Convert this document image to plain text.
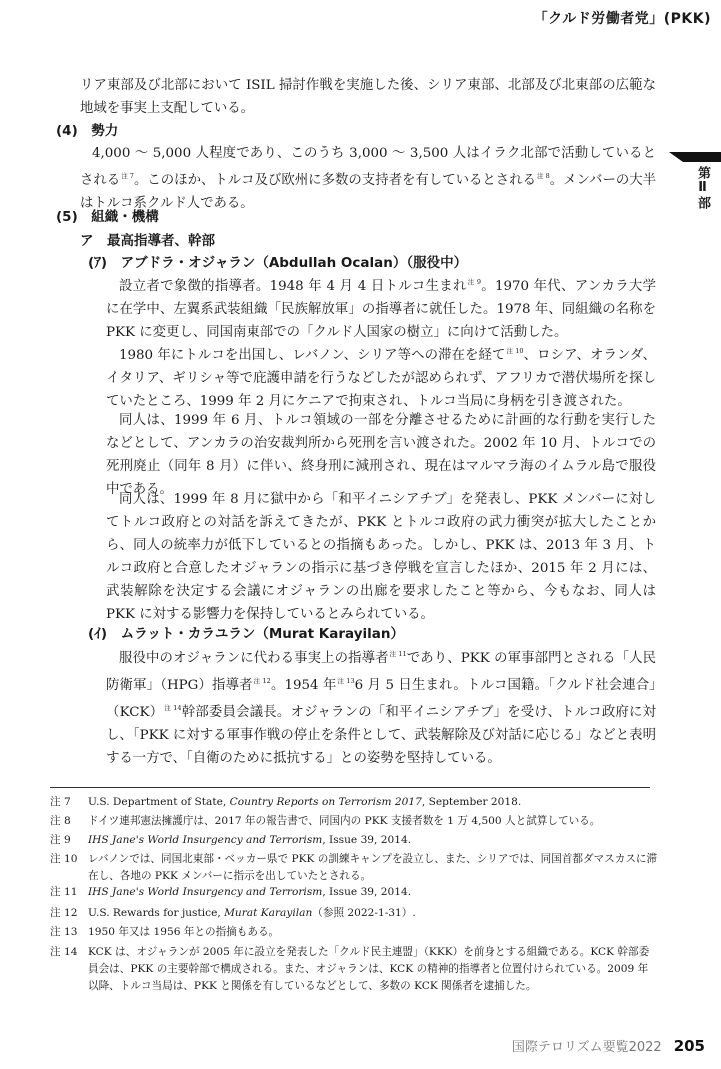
「クルド労働者党」(PKK)
第Ⅱ部

リア東部及び北部において ISIL 掃討作戦を実施した後、シリア東部、北部及び北東部の広範な地域を事実上支配している。

(4)　勢力

4,000 〜 5,000 人程度であり、このうち 3,000 〜 3,500 人はイラク北部で活動しているとされる$^{注 7}$。このほか、トルコ及び欧州に多数の支持者を有しているとされる$^{注 8}$。メンバーの大半はトルコ系クルド人である。

(5)　組織・機構
ア　最高指導者、幹部
(ｱ)　アブドラ・オジャラン（Abdullah Ocalan）（服役中）

設立者で象徴的指導者。1948 年 4 月 4 日トルコ生まれ$^{注 9}$。1970 年代、アンカラ大学に在学中、左翼系武装組織「民族解放軍」の指導者に就任した。1978 年、同組織の名称を PKK に変更し、同国南東部での「クルド人国家の樹立」に向けて活動した。

1980 年にトルコを出国し、レバノン、シリア等への滞在を経て$^{注 10}$、ロシア、オランダ、イタリア、ギリシャ等で庇護申請を行うなどしたが認められず、アフリカで潜伏場所を探していたところ、1999 年 2 月にケニアで拘束され、トルコ当局に身柄を引き渡された。

同人は、1999 年 6 月、トルコ領域の一部を分離させるために計画的な行動を実行したなどとして、アンカラの治安裁判所から死刑を言い渡された。2002 年 10 月、トルコでの死刑廃止（同年 8 月）に伴い、終身刑に減刑され、現在はマルマラ海のイムラル島で服役中である。

同人は、1999 年 8 月に獄中から「和平イニシアチブ」を発表し、PKK メンバーに対してトルコ政府との対話を訴えてきたが、PKK とトルコ政府の武力衝突が拡大したことから、同人の統率力が低下しているとの指摘もあった。しかし、PKK は、2013 年 3 月、トルコ政府と合意したオジャランの指示に基づき停戦を宣言したほか、2015 年 2 月には、武装解除を決定する会議にオジャランの出廊を要求したこと等から、今もなお、同人は PKK に対する影響力を保持しているとみられている。

(ｲ)　ムラット・カラユラン（Murat Karayilan）

服役中のオジャランに代わる事実上の指導者$^{注 11}$であり、PKK の軍事部門とされる「人民防衛軍」（HPG）指導者$^{注 12}$。1954 年$^{注 13}$6 月 5 日生まれ。トルコ国籍。「クルド社会連合」（KCK）$^{注 14}$幹部委員会議長。オジャランの「和平イニシアチブ」を受け、トルコ政府に対し、「PKK に対する軍事作戦の停止を条件として、武装解除及び対話に応じる」などと表明する一方で、「自衛のために抵抗する」との姿勢を堅持している。

注 7	U.S. Department of State, Country Reports on Terrorism 2017, September 2018.
注 8	ドイツ連邦憲法擁護庁は、2017 年の報告書で、同国内の PKK 支援者数を 1 万 4,500 人と試算している。
注 9	IHS Jane's World Insurgency and Terrorism, Issue 39, 2014.
注 10 レバノンでは、同国北東部・ベッカー県で PKK の訓練キャンプを設立し、また、シリアでは、同国首都ダマスカスに滞在し、各地の PKK メンバーに指示を出していたとされる。
注 11 IHS Jane's World Insurgency and Terrorism, Issue 39, 2014.
注 12 U.S. Rewards for justice, Murat Karayilan（参照 2022-1-31）.
注 13 1950 年又は 1956 年との指摘もある。
注 14 KCK は、オジャランが 2005 年に設立を発表した「クルド民主連盟」（KKK）を前身とする組織である。KCK 幹部委員会は、PKK の主要幹部で構成される。また、オジャランは、KCK の精神的指導者と位置付けられている。2009 年以降、トルコ当局は、PKK と関係を有しているなどとして、多数の KCK 関係者を逮捕した。
国際テロリズム要覧2022 205
